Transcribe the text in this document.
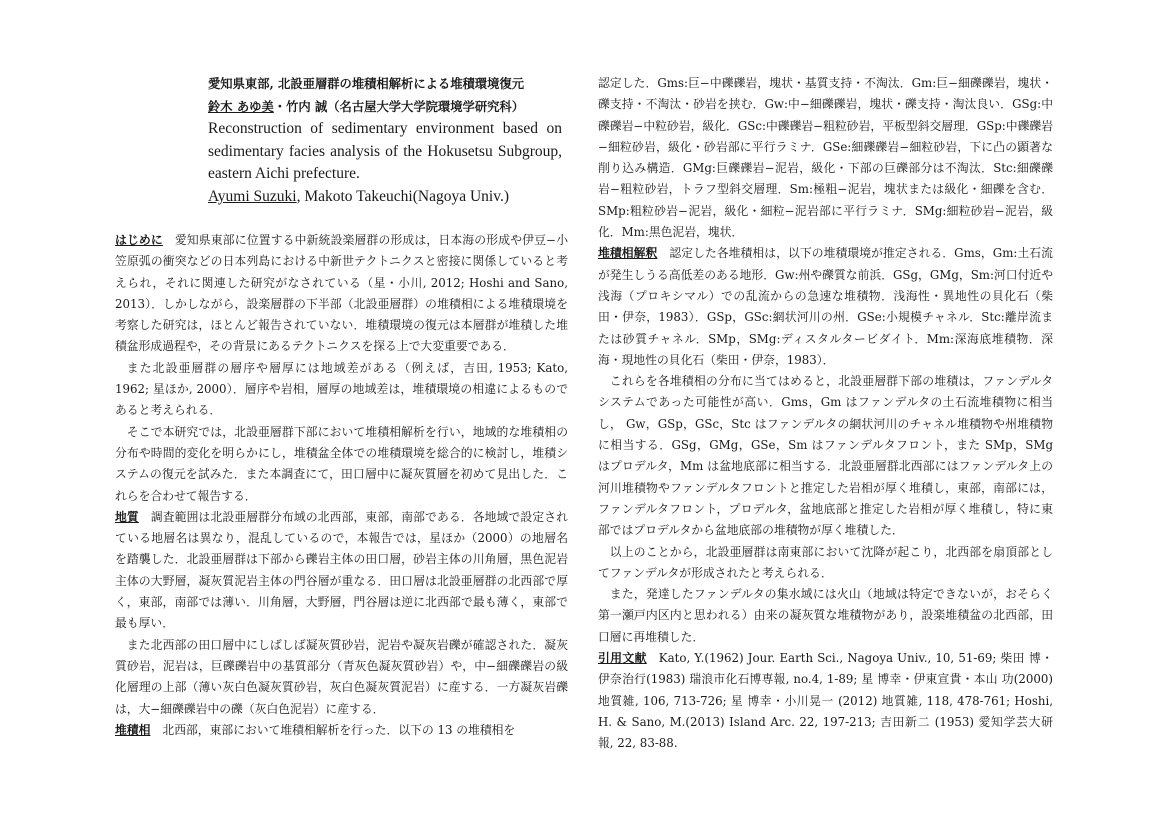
愛知県東部, 北設亜層群の堆積相解析による堆積環境復元
鈴木 あゆ美・竹内 誠（名古屋大学大学院環境学研究科）
Reconstruction of sedimentary environment based on sedimentary facies analysis of the Hokusetsu Subgroup, eastern Aichi prefecture.
Ayumi Suzuki, Makoto Takeuchi(Nagoya Univ.)

はじめに 愛知県東部に位置する中新統設楽層群の形成は，日本海の形成や伊豆−小笠原弧の衝突などの日本列島における中新世テクトニクスと密接に関係していると考えられ，それに関連した研究がなされている（星・小川, 2012; Hoshi and Sano, 2013）．しかしながら，設楽層群の下半部（北設亜層群）の堆積相による堆積環境を考察した研究は，ほとんど報告されていない．堆積環境の復元は本層群が堆積した堆積盆形成過程や，その背景にあるテクトニクスを探る上で大変重要である．

また北設亜層群の層序や層厚には地域差がある（例えば，吉田, 1953; Kato, 1962; 星ほか, 2000）．層序や岩相，層厚の地域差は，堆積環境の相違によるものであると考えられる．

そこで本研究では，北設亜層群下部において堆積相解析を行い，地域的な堆積相の分布や時間的変化を明らかにし，堆積盆全体での堆積環境を総合的に検討し，堆積システムの復元を試みた．また本調査にて，田口層中に凝灰質層を初めて見出した．これらを合わせて報告する．

地質 調査範囲は北設亜層群分布域の北西部，東部，南部である．各地域で設定されている地層名は異なり，混乱しているので，本報告では，星ほか（2000）の地層名を踏襲した．北設亜層群は下部から礫岩主体の田口層，砂岩主体の川角層，黒色泥岩主体の大野層，凝灰質泥岩主体の門谷層が重なる．田口層は北設亜層群の北西部で厚く，東部，南部では薄い．川角層，大野層，門谷層は逆に北西部で最も薄く，東部で最も厚い．

また北西部の田口層中にしばしば凝灰質砂岩，泥岩や凝灰岩礫が確認された．凝灰質砂岩，泥岩は，巨礫礫岩中の基質部分（青灰色凝灰質砂岩）や，中−細礫礫岩の級化層理の上部（薄い灰白色凝灰質砂岩，灰白色凝灰質泥岩）に産する．一方凝灰岩礫は，大−細礫礫岩中の礫（灰白色泥岩）に産する．

堆積相 北西部，東部において堆積相解析を行った．以下の 13 の堆積相を

認定した．Gms:巨−中礫礫岩，塊状・基質支持・不淘汰．Gm:巨−細礫礫岩，塊状・礫支持・不淘汰・砂岩を挟む．Gw:中−細礫礫岩，塊状・礫支持・淘汰良い．GSg:中礫礫岩−中粒砂岩，級化．GSc:中礫礫岩−粗粒砂岩，平板型斜交層理．GSp:中礫礫岩−細粒砂岩，級化・砂岩部に平行ラミナ．GSe:細礫礫岩−細粒砂岩，下に凸の顕著な削り込み構造．GMg:巨礫礫岩−泥岩，級化・下部の巨礫部分は不淘汰．Stc:細礫礫岩−粗粒砂岩，トラフ型斜交層理．Sm:極粗−泥岩，塊状または級化・細礫を含む．SMp:粗粒砂岩−泥岩，級化・細粒−泥岩部に平行ラミナ．SMg:細粒砂岩−泥岩，級化．Mm:黒色泥岩，塊状．

堆積相解釈 認定した各堆積相は，以下の堆積環境が推定される．Gms，Gm:土石流が発生しうる高低差のある地形．Gw:州や礫質な前浜．GSg，GMg，Sm:河口付近や浅海（プロキシマル）での乱流からの急速な堆積物．浅海性・異地性の貝化石（柴田・伊奈，1983）．GSp，GSc:網状河川の州．GSe:小規模チャネル．Stc:離岸流または砂質チャネル．SMp，SMg:ディスタルタービダイト．Mm:深海底堆積物．深海・現地性の貝化石（柴田・伊奈，1983）．

これらを各堆積相の分布に当てはめると，北設亜層群下部の堆積は，ファンデルタシステムであった可能性が高い．Gms，Gm はファンデルタの土石流堆積物に相当し， Gw，GSp，GSc，Stc はファンデルタの網状河川のチャネル堆積物や州堆積物に相当する．GSg，GMg，GSe，Sm はファンデルタフロント，また SMp，SMg はプロデルタ，Mm は盆地底部に相当する．北設亜層群北西部にはファンデルタ上の河川堆積物やファンデルタフロントと推定した岩相が厚く堆積し，東部，南部には，ファンデルタフロント，プロデルタ，盆地底部と推定した岩相が厚く堆積し，特に東部ではプロデルタから盆地底部の堆積物が厚く堆積した．

以上のことから，北設亜層群は南東部において沈降が起こり，北西部を扇頂部としてファンデルタが形成されたと考えられる．

また，発達したファンデルタの集水域には火山（地域は特定できないが，おそらく第一瀬戸内区内と思われる）由来の凝灰質な堆積物があり，設楽堆積盆の北西部，田口層に再堆積した．

引用文献 Kato, Y.(1962) Jour. Earth Sci., Nagoya Univ., 10, 51-69; 柴田 博・伊奈治行(1983) 瑞浪市化石博専報, no.4, 1-89; 星 博幸・伊東宣貴・本山 功(2000) 地質雑, 106, 713-726; 星 博幸・小川晃一 (2012) 地質雑, 118, 478-761; Hoshi, H. & Sano, M.(2013) Island Arc. 22, 197-213; 吉田新二 (1953) 愛知学芸大研報, 22, 83-88.
